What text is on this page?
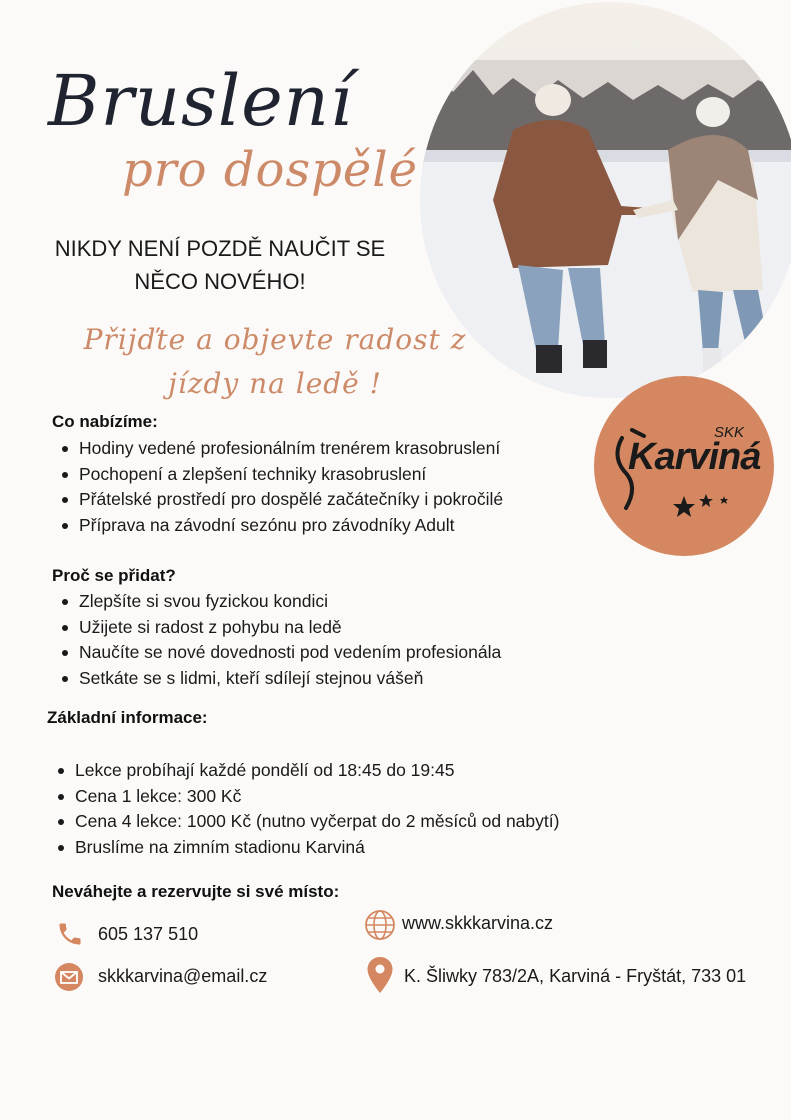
Bruslení
pro dospělé
NIKDY NENÍ POZDĚ NAUČIT SE
NĚCO NOVÉHO!
Přijďte a objevte radost z
jízdy na ledě !
SKK
Karviná
Co nabízíme:
Hodiny vedené profesionálním trenérem krasobruslení
Pochopení a zlepšení techniky krasobruslení
Přátelské prostředí pro dospělé začátečníky i pokročilé
Příprava na závodní sezónu pro závodníky Adult
Proč se přidat?
Zlepšíte si svou fyzickou kondici
Užijete si radost z pohybu na ledě
Naučíte se nové dovednosti pod vedením profesionála
Setkáte se s lidmi, kteří sdílejí stejnou vášeň
Základní informace:
Lekce probíhají každé pondělí od 18:45 do 19:45
Cena 1 lekce: 300 Kč
Cena 4 lekce: 1000 Kč (nutno vyčerpat do 2 měsíců od nabytí)
Bruslíme na zimním stadionu Karviná
Neváhejte a rezervujte si své místo:
605 137 510
skkkarvina@email.cz
www.skkkarvina.cz
K. Šliwky 783/2A, Karviná - Fryštát, 733 01
